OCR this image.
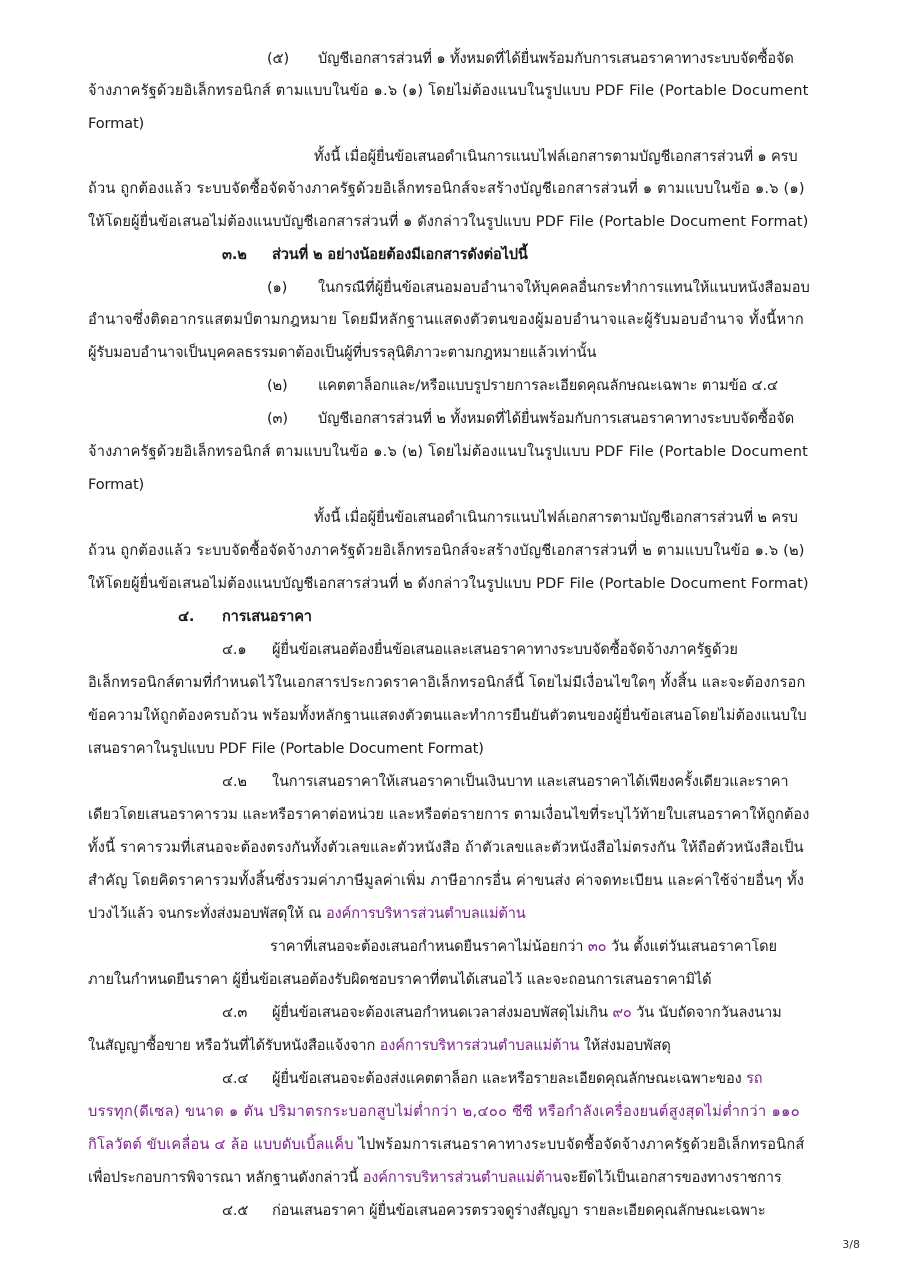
(๕) บัญชีเอกสารส่วนที่ ๑ ทั้งหมดที่ได้ยื่นพร้อมกับการเสนอราคาทางระบบจัดซื้อจัด
จ้างภาครัฐด้วยอิเล็กทรอนิกส์ ตามแบบในข้อ ๑.๖ (๑) โดยไม่ต้องแนบในรูปแบบ PDF File (Portable Document
Format)
ทั้งนี้ เมื่อผู้ยื่นข้อเสนอดำเนินการแนบไฟล์เอกสารตามบัญชีเอกสารส่วนที่ ๑ ครบ
ถ้วน ถูกต้องแล้ว ระบบจัดซื้อจัดจ้างภาครัฐด้วยอิเล็กทรอนิกส์จะสร้างบัญชีเอกสารส่วนที่ ๑ ตามแบบในข้อ ๑.๖ (๑)
ให้โดยผู้ยื่นข้อเสนอไม่ต้องแนบบัญชีเอกสารส่วนที่ ๑ ดังกล่าวในรูปแบบ PDF File (Portable Document Format)
๓.๒ ส่วนที่ ๒ อย่างน้อยต้องมีเอกสารดังต่อไปนี้
(๑) ในกรณีที่ผู้ยื่นข้อเสนอมอบอำนาจให้บุคคลอื่นกระทำการแทนให้แนบหนังสือมอบ
อำนาจซึ่งติดอากรแสตมป์ตามกฎหมาย โดยมีหลักฐานแสดงตัวตนของผู้มอบอำนาจและผู้รับมอบอำนาจ ทั้งนี้หาก
ผู้รับมอบอำนาจเป็นบุคคลธรรมดาต้องเป็นผู้ที่บรรลุนิติภาวะตามกฎหมายแล้วเท่านั้น
(๒) แคตตาล็อกและ/หรือแบบรูปรายการละเอียดคุณลักษณะเฉพาะ ตามข้อ ๔.๔
(๓) บัญชีเอกสารส่วนที่ ๒ ทั้งหมดที่ได้ยื่นพร้อมกับการเสนอราคาทางระบบจัดซื้อจัด
จ้างภาครัฐด้วยอิเล็กทรอนิกส์ ตามแบบในข้อ ๑.๖ (๒) โดยไม่ต้องแนบในรูปแบบ PDF File (Portable Document
Format)
ทั้งนี้ เมื่อผู้ยื่นข้อเสนอดำเนินการแนบไฟล์เอกสารตามบัญชีเอกสารส่วนที่ ๒ ครบ
ถ้วน ถูกต้องแล้ว ระบบจัดซื้อจัดจ้างภาครัฐด้วยอิเล็กทรอนิกส์จะสร้างบัญชีเอกสารส่วนที่ ๒ ตามแบบในข้อ ๑.๖ (๒)
ให้โดยผู้ยื่นข้อเสนอไม่ต้องแนบบัญชีเอกสารส่วนที่ ๒ ดังกล่าวในรูปแบบ PDF File (Portable Document Format)
๔. การเสนอราคา
๔.๑ ผู้ยื่นข้อเสนอต้องยื่นข้อเสนอและเสนอราคาทางระบบจัดซื้อจัดจ้างภาครัฐด้วย
อิเล็กทรอนิกส์ตามที่กำหนดไว้ในเอกสารประกวดราคาอิเล็กทรอนิกส์นี้ โดยไม่มีเงื่อนไขใดๆ ทั้งสิ้น และจะต้องกรอก
ข้อความให้ถูกต้องครบถ้วน พร้อมทั้งหลักฐานแสดงตัวตนและทำการยืนยันตัวตนของผู้ยื่นข้อเสนอโดยไม่ต้องแนบใบ
เสนอราคาในรูปแบบ PDF File (Portable Document Format)
๔.๒ ในการเสนอราคาให้เสนอราคาเป็นเงินบาท และเสนอราคาได้เพียงครั้งเดียวและราคา
เดียวโดยเสนอราคารวม และหรือราคาต่อหน่วย และหรือต่อรายการ ตามเงื่อนไขที่ระบุไว้ท้ายใบเสนอราคาให้ถูกต้อง
ทั้งนี้ ราคารวมที่เสนอจะต้องตรงกันทั้งตัวเลขและตัวหนังสือ ถ้าตัวเลขและตัวหนังสือไม่ตรงกัน ให้ถือตัวหนังสือเป็น
สำคัญ โดยคิดราคารวมทั้งสิ้นซึ่งรวมค่าภาษีมูลค่าเพิ่ม ภาษีอากรอื่น ค่าขนส่ง ค่าจดทะเบียน และค่าใช้จ่ายอื่นๆ ทั้ง
ปวงไว้แล้ว จนกระทั่งส่งมอบพัสดุให้ ณ องค์การบริหารส่วนตำบลแม่ต้าน
ราคาที่เสนอจะต้องเสนอกำหนดยืนราคาไม่น้อยกว่า ๓๐ วัน ตั้งแต่วันเสนอราคาโดย
ภายในกำหนดยืนราคา ผู้ยื่นข้อเสนอต้องรับผิดชอบราคาที่ตนได้เสนอไว้ และจะถอนการเสนอราคามิได้
๔.๓ ผู้ยื่นข้อเสนอจะต้องเสนอกำหนดเวลาส่งมอบพัสดุไม่เกิน ๙๐ วัน นับถัดจากวันลงนาม
ในสัญญาซื้อขาย หรือวันที่ได้รับหนังสือแจ้งจาก องค์การบริหารส่วนตำบลแม่ต้าน ให้ส่งมอบพัสดุ
๔.๔ ผู้ยื่นข้อเสนอจะต้องส่งแคตตาล็อก และหรือรายละเอียดคุณลักษณะเฉพาะของ รถ
บรรทุก(ดีเซล) ขนาด ๑ ตัน ปริมาตรกระบอกสูบไม่ต่ำกว่า ๒,๔๐๐ ซีซี หรือกำลังเครื่องยนต์สูงสุดไม่ต่ำกว่า ๑๑๐
กิโลวัตต์ ขับเคลื่อน ๔ ล้อ แบบดับเบิ้ลแค็บ ไปพร้อมการเสนอราคาทางระบบจัดซื้อจัดจ้างภาครัฐด้วยอิเล็กทรอนิกส์
เพื่อประกอบการพิจารณา หลักฐานดังกล่าวนี้ องค์การบริหารส่วนตำบลแม่ต้านจะยึดไว้เป็นเอกสารของทางราชการ
๔.๕ ก่อนเสนอราคา ผู้ยื่นข้อเสนอควรตรวจดูร่างสัญญา รายละเอียดคุณลักษณะเฉพาะ
3/8
